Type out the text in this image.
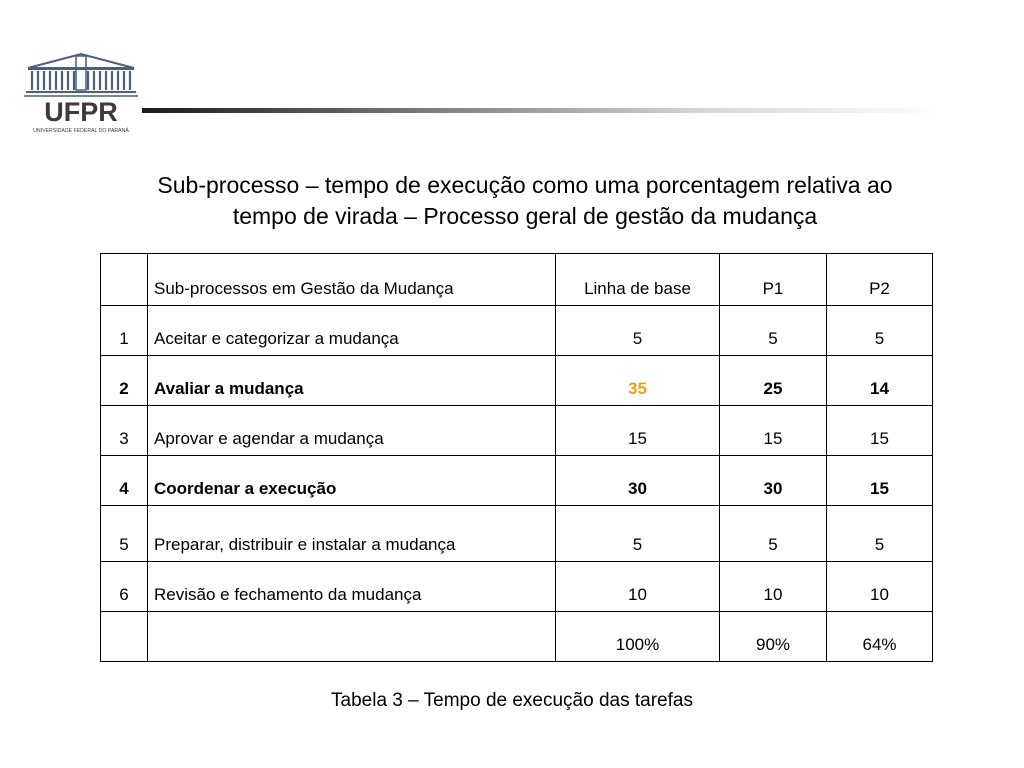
UFPR
UNIVERSIDADE FEDERAL DO PARANÁ
Sub-processo – tempo de execução como uma porcentagem relativa ao
tempo de virada – Processo geral de gestão da mudança
	Sub-processos em Gestão da Mudança	Linha de base	P1	P2
1	Aceitar e categorizar a mudança	5	5	5
2	Avaliar a mudança	35	25	14
3	Aprovar e agendar a mudança	15	15	15
4	Coordenar a execução	30	30	15
5	Preparar, distribuir e instalar a mudança	5	5	5
6	Revisão e fechamento da mudança	10	10	10
		100%	90%	64%
Tabela 3 – Tempo de execução das tarefas
